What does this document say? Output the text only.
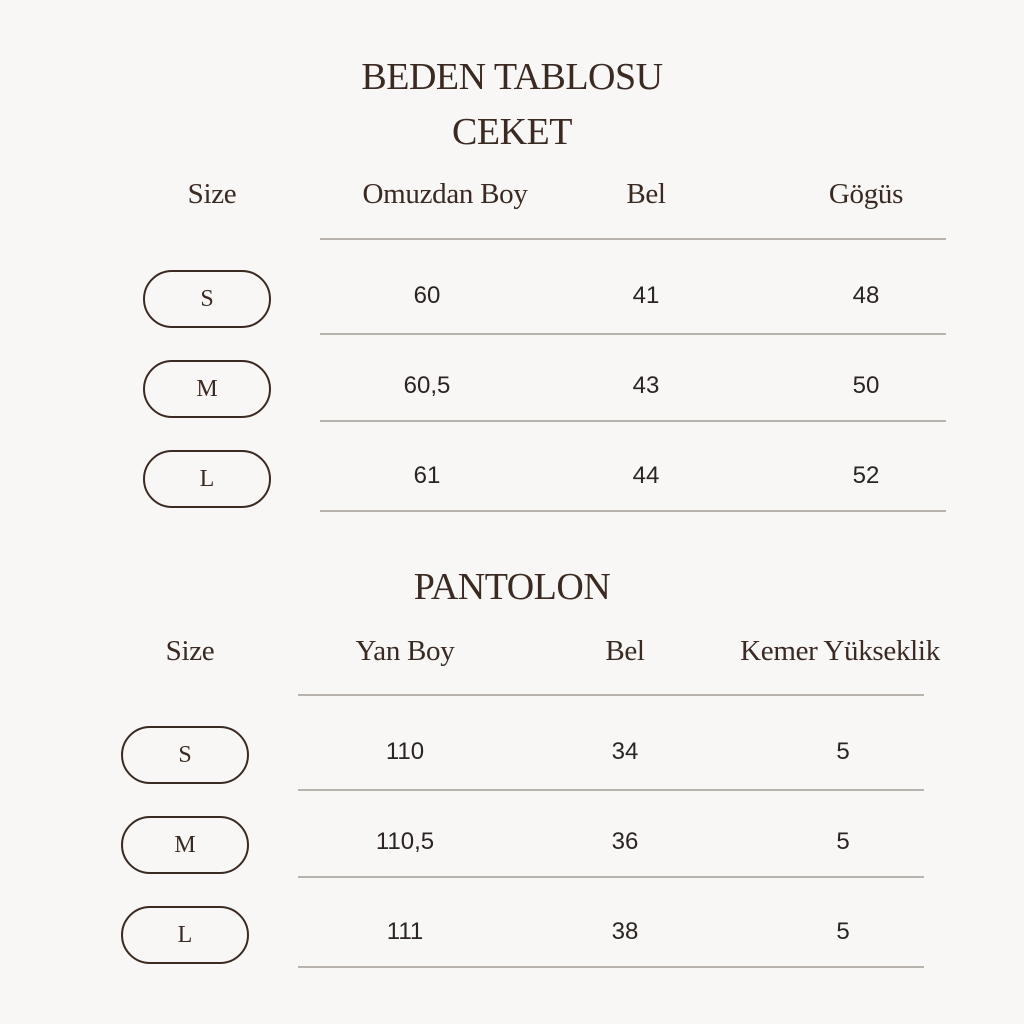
BEDEN TABLOSU
CEKET
Size	Omuzdan Boy	Bel	Gögüs
S	60	41	48
M	60,5	43	50
L	61	44	52
PANTOLON
Size	Yan Boy	Bel	Kemer Yükseklik
S	110	34	5
M	110,5	36	5
L	111	38	5
